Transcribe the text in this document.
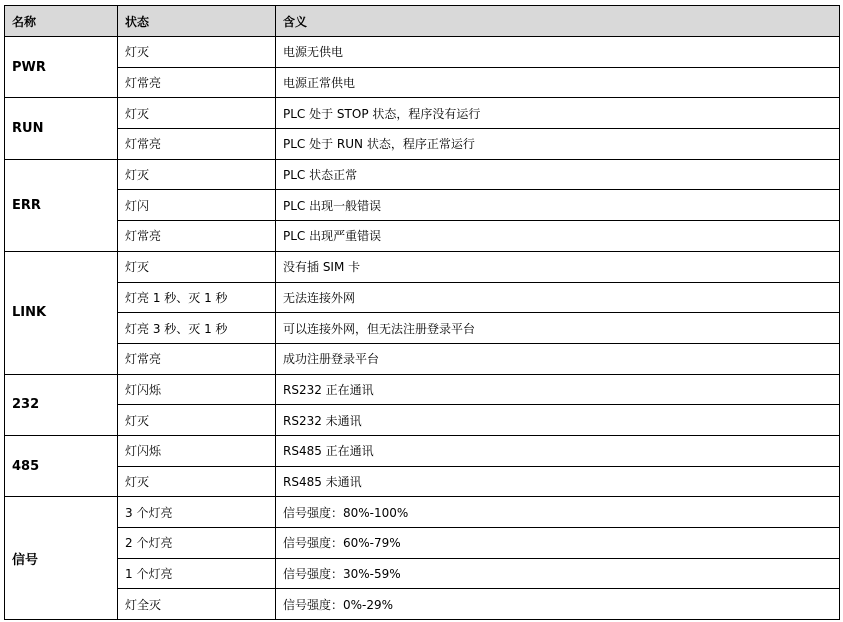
名称	状态	含义
PWR	灯灭	电源无供电
	灯常亮	电源正常供电
RUN	灯灭	PLC 处于 STOP 状态，程序没有运行
	灯常亮	PLC 处于 RUN 状态，程序正常运行
ERR	灯灭	PLC 状态正常
	灯闪	PLC 出现一般错误
	灯常亮	PLC 出现严重错误
LINK	灯灭	没有插 SIM 卡
	灯亮 1 秒、灭 1 秒	无法连接外网
	灯亮 3 秒、灭 1 秒	可以连接外网，但无法注册登录平台
	灯常亮	成功注册登录平台
232	灯闪烁	RS232 正在通讯
	灯灭	RS232 未通讯
485	灯闪烁	RS485 正在通讯
	灯灭	RS485 未通讯
信号	3 个灯亮	信号强度：80%-100%
	2 个灯亮	信号强度：60%-79%
	1 个灯亮	信号强度：30%-59%
	灯全灭	信号强度：0%-29%
